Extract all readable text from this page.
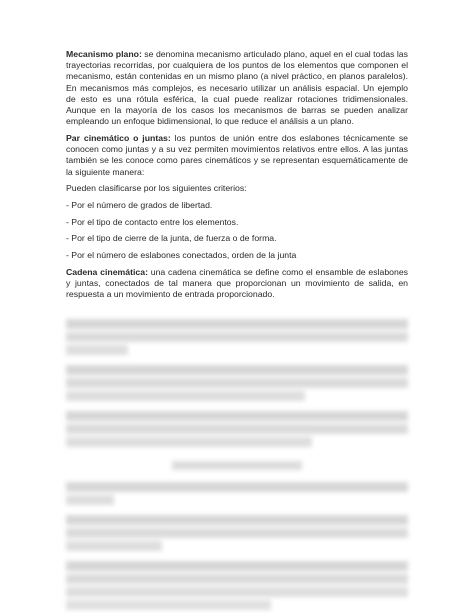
Mecanismo plano: se denomina mecanismo articulado plano, aquel en el cual todas las trayectorias recorridas, por cualquiera de los puntos de los elementos que componen el mecanismo, están contenidas en un mismo plano (a nivel práctico, en planos paralelos). En mecanismos más complejos, es necesario utilizar un análisis espacial. Un ejemplo de esto es una rótula esférica, la cual puede realizar rotaciones tridimensionales. Aunque en la mayoría de los casos los mecanismos de barras se pueden analizar empleando un enfoque bidimensional, lo que reduce el análisis a un plano.

Par cinemático o juntas: los puntos de unión entre dos eslabones técnicamente se conocen como juntas y a su vez permiten movimientos relativos entre ellos. A las juntas también se les conoce como pares cinemáticos y se representan esquemáticamente de la siguiente manera:

Pueden clasificarse por los siguientes criterios:

- Por el número de grados de libertad.

- Por el tipo de contacto entre los elementos.

- Por el tipo de cierre de la junta, de fuerza o de forma.

- Por el número de eslabones conectados, orden de la junta

Cadena cinemática: una cadena cinemática se define como el ensamble de eslabones y juntas, conectados de tal manera que proporcionan un movimiento de salida, en respuesta a un movimiento de entrada proporcionado.
